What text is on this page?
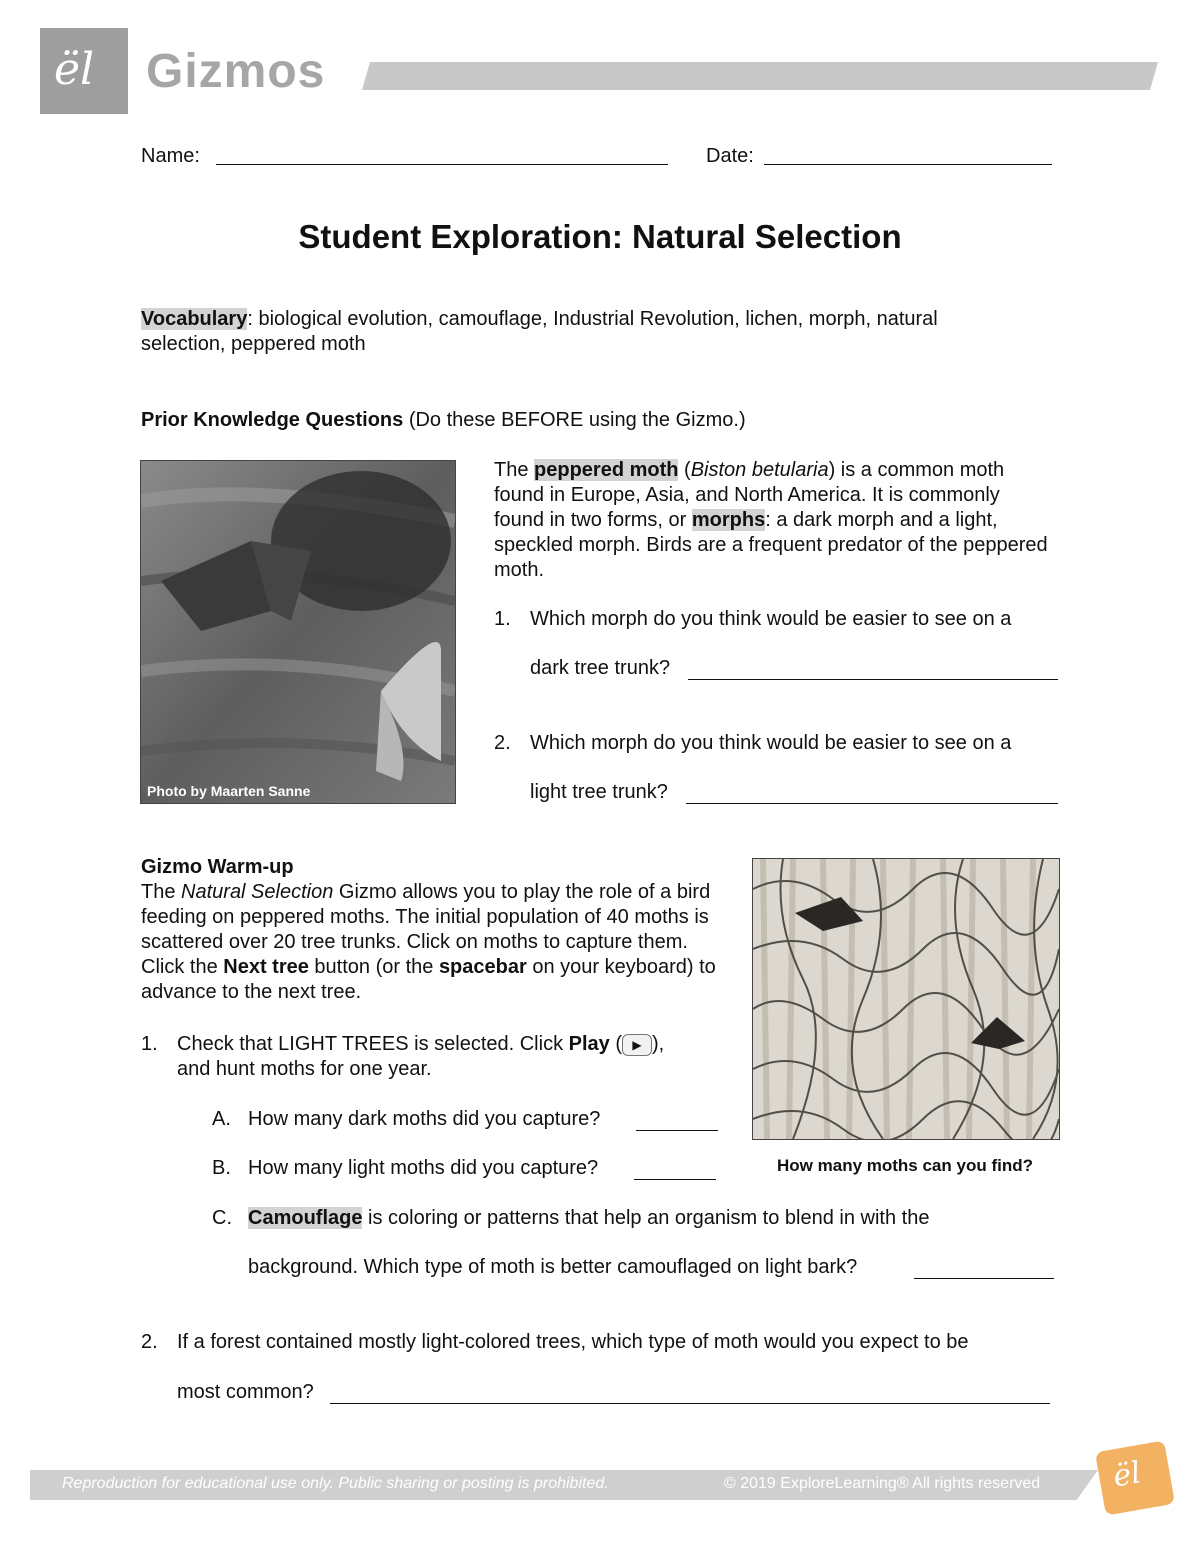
ël Gizmos
Name:	Date:
Student Exploration: Natural Selection
Vocabulary: biological evolution, camouflage, Industrial Revolution, lichen, morph, natural
selection, peppered moth
Prior Knowledge Questions (Do these BEFORE using the Gizmo.)
Photo by Maarten Sanne
The peppered moth (Biston betularia) is a common moth found in Europe, Asia, and North America. It is commonly found in two forms, or morphs: a dark morph and a light, speckled morph. Birds are a frequent predator of the peppered moth.
1. Which morph do you think would be easier to see on a
dark tree trunk?
2. Which morph do you think would be easier to see on a
light tree trunk?
Gizmo Warm-up
The Natural Selection Gizmo allows you to play the role of a bird feeding on peppered moths. The initial population of 40 moths is scattered over 20 tree trunks. Click on moths to capture them. Click the Next tree button (or the spacebar on your keyboard) to advance to the next tree.
How many moths can you find?
1. Check that LIGHT TREES is selected. Click Play ( ▶ ),
and hunt moths for one year.
A. How many dark moths did you capture?
B. How many light moths did you capture?
C. Camouflage is coloring or patterns that help an organism to blend in with the
background. Which type of moth is better camouflaged on light bark?
2. If a forest contained mostly light-colored trees, which type of moth would you expect to be
most common?
Reproduction for educational use only. Public sharing or posting is prohibited.	© 2019 ExploreLearning® All rights reserved ël
